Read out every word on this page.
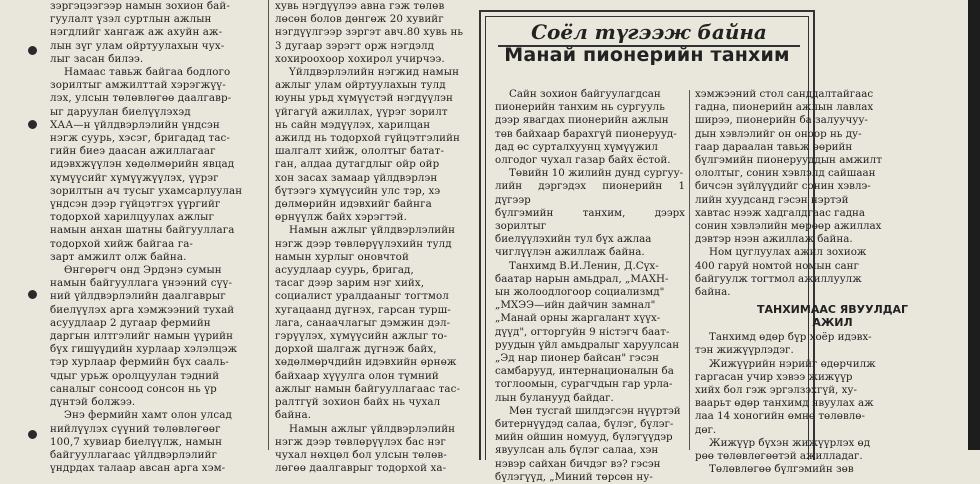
зэргэцээгээр намын зохион бай-
гуулалт үзэл суртлын ажлын
нэгдлийг хангаж аж ахуйн аж-
лын зүг улам ойртуулахын чух-
лыг засан билээ.

Намаас тавьж байгаа бодлого
зорилтыг амжилттай хэрэгжүү-
лэх, улсын төлөвлөгөө даалгавр-
ыг даруулан биелүүлэхэд
ХАА—н үйлдвэрлэлийн үндсэн
нэгж суурь, хэсэг, бригадад тас-
гийн биеэ даасан ажиллагааг
идэвхжүүлэн хөдөлмөрийн явцад
хүмүүсийг хүмүүжүүлэх, үүрэг
зорилтын ач тусыг ухамсарлуулан
үндсэн дээр гүйцэтгэх үүргийг
тодорхой харилцуулах ажлыг
намын анхан шатны байгууллага
тодорхой хийж байгаа га-
зарт амжилт олж байна.

Өнгөрөгч онд Эрдэнэ сумын
намын байгууллага үнээний сүү-
ний үйлдвэрлэлийн даалгаврыг
биелүүлэх арга хэмжээний тухай
асуудлаар 2 дугаар фермийн
даргын илтгэлийг намын үүрийн
бүх гишүүдийн хурлаар хэлэлцэж
тэр хурлаар фермийн бүх сааль-
чдыг урьж оролцуулан тэдний
саналыг сонсоод сонсон нь үр
дүнтэй болжээ.

Энэ фермийн хамт олон улсад
нийлүүлэх сүүний төлөвлөгөөг
100,7 хувиар биелүүлж, намын
байгууллагаас үйлдвэрлэлийг
үндрдах талаар авсан арга хэм-

хувь нэгдүүлээ авна гэж төлөв
лөсөн болов дөнгөж 20 хувийг
нэгдүүлгээр зэргэт авч.80 хувь нь
3 дугаар зэрэгт орж нэгдэлд
хохироохоор хохирол учирчээ.

Үйлдвэрлэлийн нэгжид намын
ажлыг улам ойртуулахын тулд
юуны урьд хүмүүстэй нэгдүүлэн
үйгагүй ажиллах, үүрэг зорилт
нь сайн мэдүүлэх, харилцан
ажилд нь тодорхой гүйцэтгэлийн
шалгалт хийж, ололтыг батат-
ган, алдаа дутагдлыг ойр ойр
хон засах замаар үйлдвэрлэн
бүтээгэ хүмүүсийн улс тэр, хэ
дөлмөрийн идэвхийг байнга
өрнүүлж байх хэрэгтэй.

Намын ажлыг үйлдвэрлэлийн
нэгж дээр төвлөрүүлэхийн тулд
намын хурлыг оновчтой
асуудлаар суурь, бригад,
тасаг дээр зарим нэг хийх,
социалист уралдааныг тогтмол
хугацаанд дүгнэх, гарсан турш-
лага, санаачлагыг дэмжин дэл-
гэрүүлэх, хүмүүсийн ажлыг то-
дорхой шалгаж дүгнэж байх,
хөдөлмөрчдийн идэвхийн өрнөж
байхаар хүүулга олон түмний
ажлыг намын байгууллагаас тас-
ралтгүй зохион байх нь чухал
байна.

Намын ажлыг үйлдвэрлэлийн
нэгж дээр төвлөрүүлэх бас нэг
чухал нөхцөл бол улсын төлөв-
лөгөө даалгаврыг тодорхой ха-

Соёл түгээж байна
Манай пионерийн танхим

Сайн зохион байгуулагдсан
пионерийн танхим нь сургууль
дээр явагдах пионерийн ажлын
төв байхаар барахгүй пионерууд-
дад өс сурталхуунц хүмүүжил
олгодог чухал газар байх ёстой.

Төвийн 10 жилийн дунд сургуу-
лийн дэргэдэх пионерийн 1 дүгээр
бүлгэмийн танхим, дээрх зорилтыг
биелүүлэхийн тул бүх ажлаа
чиглүүлэн ажиллаж байна.

Танхимд В.И.Ленин, Д.Сүх-
баатар нарын амьдрал, „МАХН-
ын жолоодлогоор социализмд"
„МХЭЭ—ийн дайчин замнал"
„Манай орны жаргалант хүүх-
дүүд", огторгуйн 9 ністэгч баат-
руудын үйл амьдралыг харуулсан
„Эд нар пионер байсан" гэсэн
самбарууд, интернационалын ба
тоглоомын, сурагчдын гар урла-
лын буланууд байдаг.

Мөн тусгай шилдэгсэн нүүртэй
битернүүдэд салаа, бүлэг, бүлэг-
мийн ойшин номууд, бүлэгүүдэр
явуулсан аль бүлэг салаа, хэн
нэвэр сайхан бичдэг вэ? гэсэн
бүлэгүүд, „Миний төрсөн ну-

хэмжээний стол санддалтайгаас
гадна, пионерийн ажлын лавлах
ширээ, пионерийн ба залуучуу-
дын хэвлэлийг он оноор нь ду-
гаар дараалан тавьж өөрийн
бүлгэмийн пионерууддын амжилт
ололтыг, сонин хэвлэлд сайшаан
бичсэн зүйлүүдийг сонин хэвлэ-
лийн хуудсанд гэсэн нэртэй
хавтас нээж хадгалдгаас гадна
сонин хэвлэлийн мөрөөр ажиллах
дэвтэр нээн ажиллаж байна.

Ном цуглуулах ажил зохиож
400 гаруй номтой номын санг
байгуулж тогтмол ажиллуулж
байна.

ТАНХИМААС ЯВУУЛДАГ
АЖИЛ

Танхимд өдөр бүр хоёр идэвх-
тэн жижүүрлэдэг.

Жижүүрийн нэрийг өдөрчилж
гаргасан учир хэвээ жижүүр
хийх бол гэж эргэлзэхгүй, ху-
ваарьт өдөр танхимд явуулах аж
лаа 14 хоногийн өмнө төлөвлө-
дөг.

Жижүүр бүхэн жижүүрлэх өд
рөө төлөвлөгөөтэй ажилладаг.

Төлөвлөгөө бүлгэмийн зөв
